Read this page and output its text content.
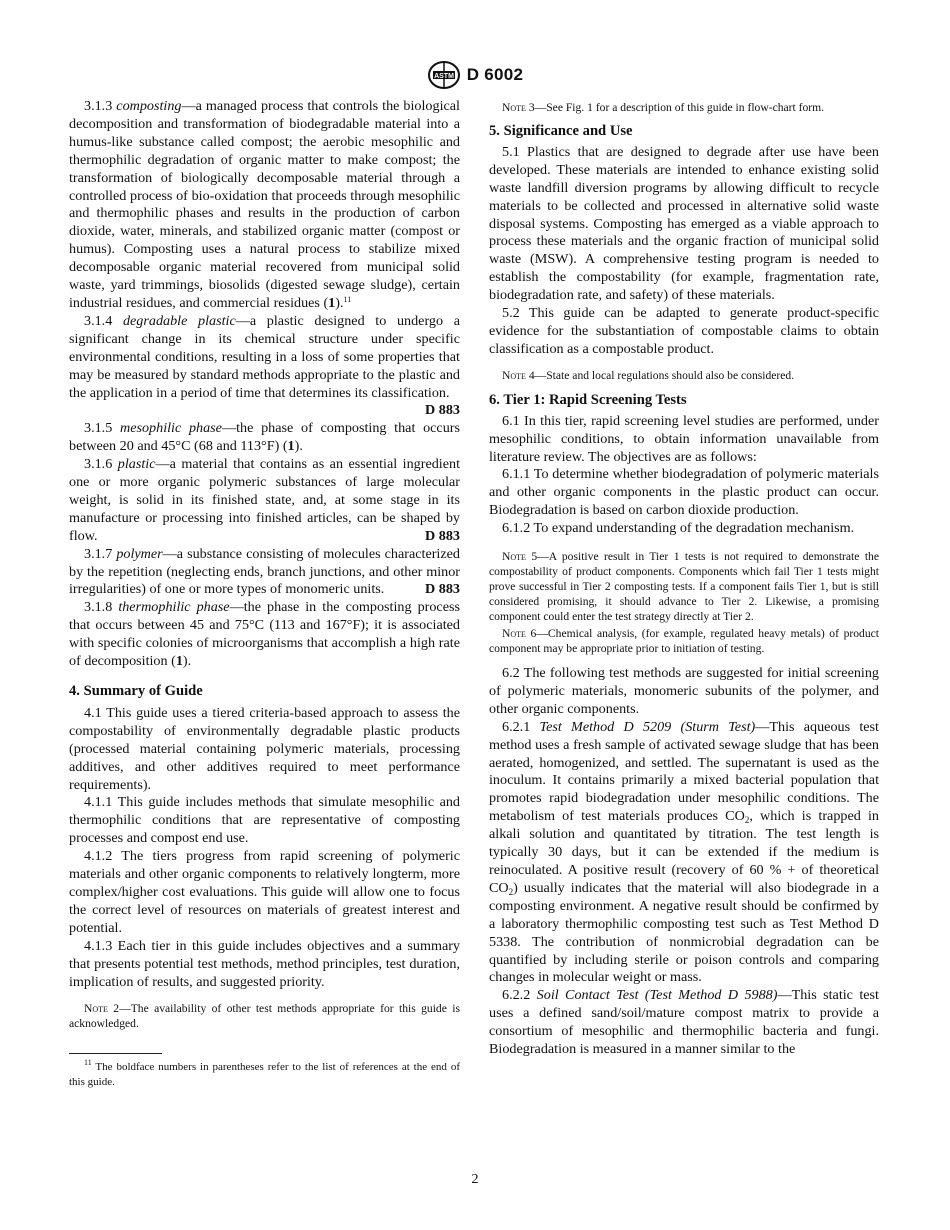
ASTM D 6002

3.1.3 composting—a managed process that controls the biological decomposition and transformation of biodegradable material into a humus-like substance called compost; the aerobic mesophilic and thermophilic degradation of organic matter to make compost; the transformation of biologically decomposable material through a controlled process of bio-oxidation that proceeds through mesophilic and thermophilic phases and results in the production of carbon dioxide, water, minerals, and stabilized organic matter (compost or humus). Composting uses a natural process to stabilize mixed decomposable organic material recovered from municipal solid waste, yard trimmings, biosolids (digested sewage sludge), certain industrial residues, and commercial residues (1).$^{11}$

3.1.4 degradable plastic—a plastic designed to undergo a significant change in its chemical structure under specific environmental conditions, resulting in a loss of some properties that may be measured by standard methods appropriate to the plastic and the application in a period of time that determines its classification.
D 883

3.1.5 mesophilic phase—the phase of composting that occurs between 20 and 45°C (68 and 113°F) (1).

3.1.6 plastic—a material that contains as an essential ingredient one or more organic polymeric substances of large molecular weight, is solid in its finished state, and, at some stage in its manufacture or processing into finished articles, can be shaped by flow.	D 883

3.1.7 polymer—a substance consisting of molecules characterized by the repetition (neglecting ends, branch junctions, and other minor irregularities) of one or more types of monomeric units.	D 883

3.1.8 thermophilic phase—the phase in the composting process that occurs between 45 and 75°C (113 and 167°F); it is associated with specific colonies of microorganisms that accomplish a high rate of decomposition (1).

4. Summary of Guide

4.1 This guide uses a tiered criteria-based approach to assess the compostability of environmentally degradable plastic products (processed material containing polymeric materials, processing additives, and other additives required to meet performance requirements).

4.1.1 This guide includes methods that simulate mesophilic and thermophilic conditions that are representative of composting processes and compost end use.

4.1.2 The tiers progress from rapid screening of polymeric materials and other organic components to relatively longterm, more complex/higher cost evaluations. This guide will allow one to focus the correct level of resources on materials of greatest interest and potential.

4.1.3 Each tier in this guide includes objectives and a summary that presents potential test methods, method principles, test duration, implication of results, and suggested priority.

Note 2—The availability of other test methods appropriate for this guide is acknowledged.

$^{11}$ The boldface numbers in parentheses refer to the list of references at the end of this guide.

Note 3—See Fig. 1 for a description of this guide in flow-chart form.

5. Significance and Use

5.1 Plastics that are designed to degrade after use have been developed. These materials are intended to enhance existing solid waste landfill diversion programs by allowing difficult to recycle materials to be collected and processed in alternative solid waste disposal systems. Composting has emerged as a viable approach to process these materials and the organic fraction of municipal solid waste (MSW). A comprehensive testing program is needed to establish the compostability (for example, fragmentation rate, biodegradation rate, and safety) of these materials.

5.2 This guide can be adapted to generate product-specific evidence for the substantiation of compostable claims to obtain classification as a compostable product.

Note 4—State and local regulations should also be considered.

6. Tier 1: Rapid Screening Tests

6.1 In this tier, rapid screening level studies are performed, under mesophilic conditions, to obtain information unavailable from literature review. The objectives are as follows:

6.1.1 To determine whether biodegradation of polymeric materials and other organic components in the plastic product can occur. Biodegradation is based on carbon dioxide production.

6.1.2 To expand understanding of the degradation mechanism.

Note 5—A positive result in Tier 1 tests is not required to demonstrate the compostability of product components. Components which fail Tier 1 tests might prove successful in Tier 2 composting tests. If a component fails Tier 1, but is still considered promising, it should advance to Tier 2. Likewise, a promising component could enter the test strategy directly at Tier 2.

Note 6—Chemical analysis, (for example, regulated heavy metals) of product component may be appropriate prior to initiation of testing.

6.2 The following test methods are suggested for initial screening of polymeric materials, monomeric subunits of the polymer, and other organic components.

6.2.1 Test Method D 5209 (Sturm Test)—This aqueous test method uses a fresh sample of activated sewage sludge that has been aerated, homogenized, and settled. The supernatant is used as the inoculum. It contains primarily a mixed bacterial population that promotes rapid biodegradation under mesophilic conditions. The metabolism of test materials produces $CO_2$, which is trapped in alkali solution and quantitated by titration. The test length is typically 30 days, but it can be extended if the medium is reinoculated. A positive result (recovery of 60 % + of theoretical $CO_2$) usually indicates that the material will also biodegrade in a composting environment. A negative result should be confirmed by a laboratory thermophilic composting test such as Test Method D 5338. The contribution of nonmicrobial degradation can be quantified by including sterile or poison controls and comparing changes in molecular weight or mass.

6.2.2 Soil Contact Test (Test Method D 5988)—This static test uses a defined sand/soil/mature compost matrix to provide a consortium of mesophilic and thermophilic bacteria and fungi. Biodegradation is measured in a manner similar to the

2
